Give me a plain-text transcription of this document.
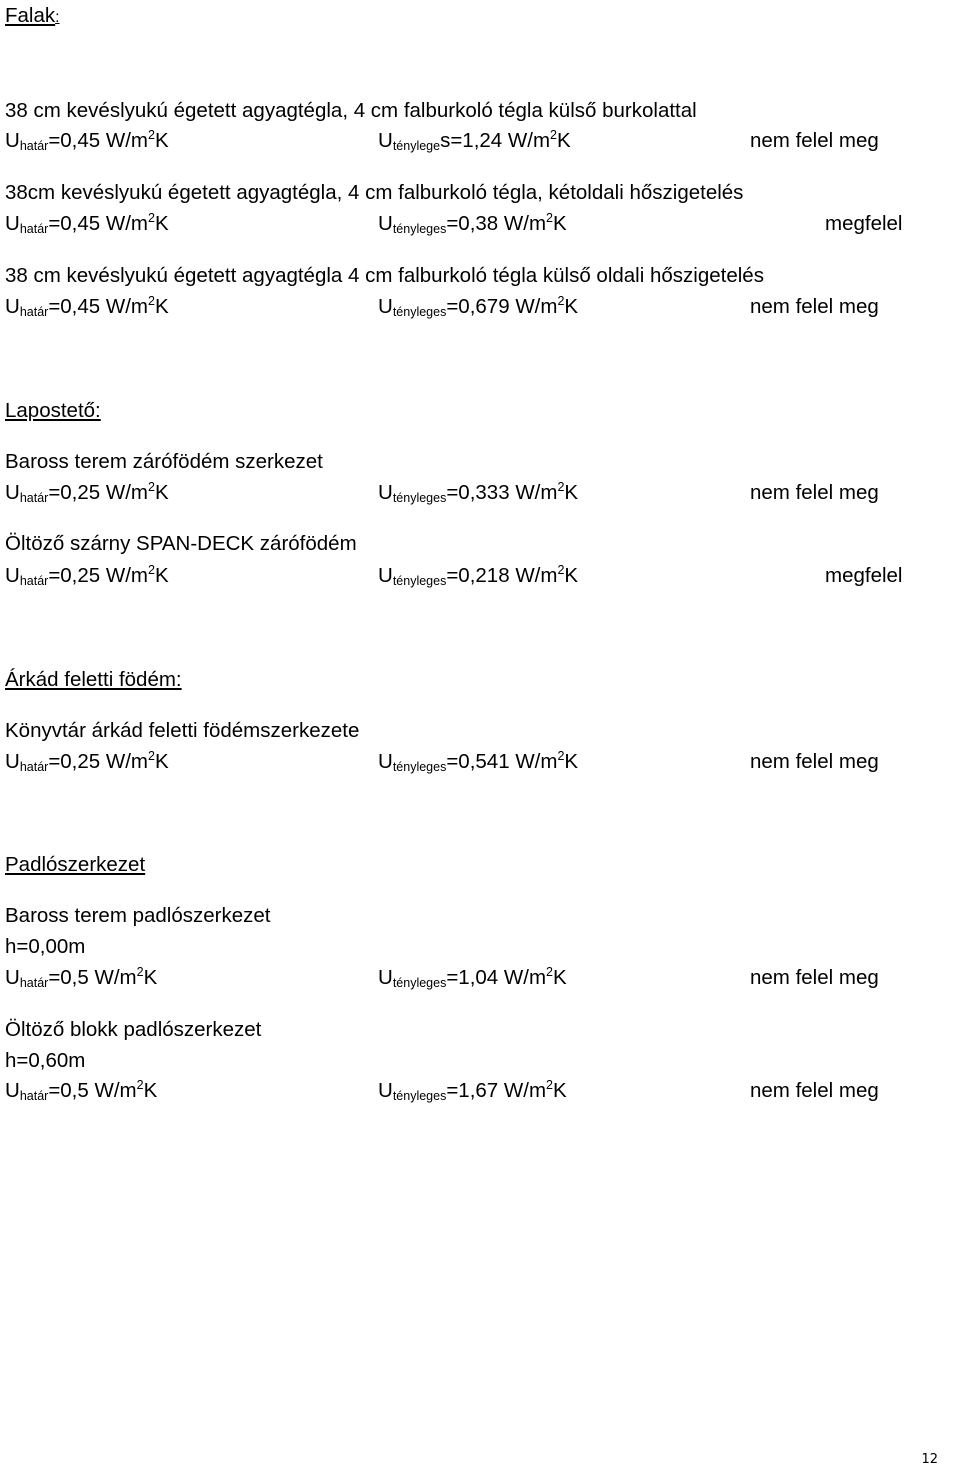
Falak:
38 cm kevéslyukú égetett agyagtégla, 4 cm falburkoló tégla külső burkolattal
$U_{határ}=0,45$ $W/m^2K$	$U_{ténylege}s=1,24$ $W/m^2K$	nem felel meg
38cm kevéslyukú égetett agyagtégla, 4 cm falburkoló tégla, kétoldali hőszigetelés
$U_{határ}=0,45$ $W/m^2K$	$U_{tényleges}=0,38$ $W/m^2K$	megfelel
38 cm kevéslyukú égetett agyagtégla 4 cm falburkoló tégla külső oldali hőszigetelés
$U_{határ}=0,45$ $W/m^2K$	$U_{tényleges}=0,679$ $W/m^2K$	nem felel meg
Lapostető:
Baross terem zárófödém szerkezet
$U_{határ}=0,25$ $W/m^2K$	$U_{tényleges}=0,333$ $W/m^2K$	nem felel meg
Öltöző szárny SPAN-DECK zárófödém
$U_{határ}=0,25$ $W/m^2K$	$U_{tényleges}=0,218$ $W/m^2K$	megfelel
Árkád feletti födém:
Könyvtár árkád feletti födémszerkezete
$U_{határ}=0,25$ $W/m^2K$	$U_{tényleges}=0,541$ $W/m^2K$	nem felel meg
Padlószerkezet
Baross terem padlószerkezet
h=0,00m
$U_{határ}=0,5$ $W/m^2K$	$U_{tényleges}=1,04$ $W/m^2K$	nem felel meg
Öltöző blokk padlószerkezet
h=0,60m
$U_{határ}=0,5$ $W/m^2K$	$U_{tényleges}=1,67$ $W/m^2K$	nem felel meg
12
